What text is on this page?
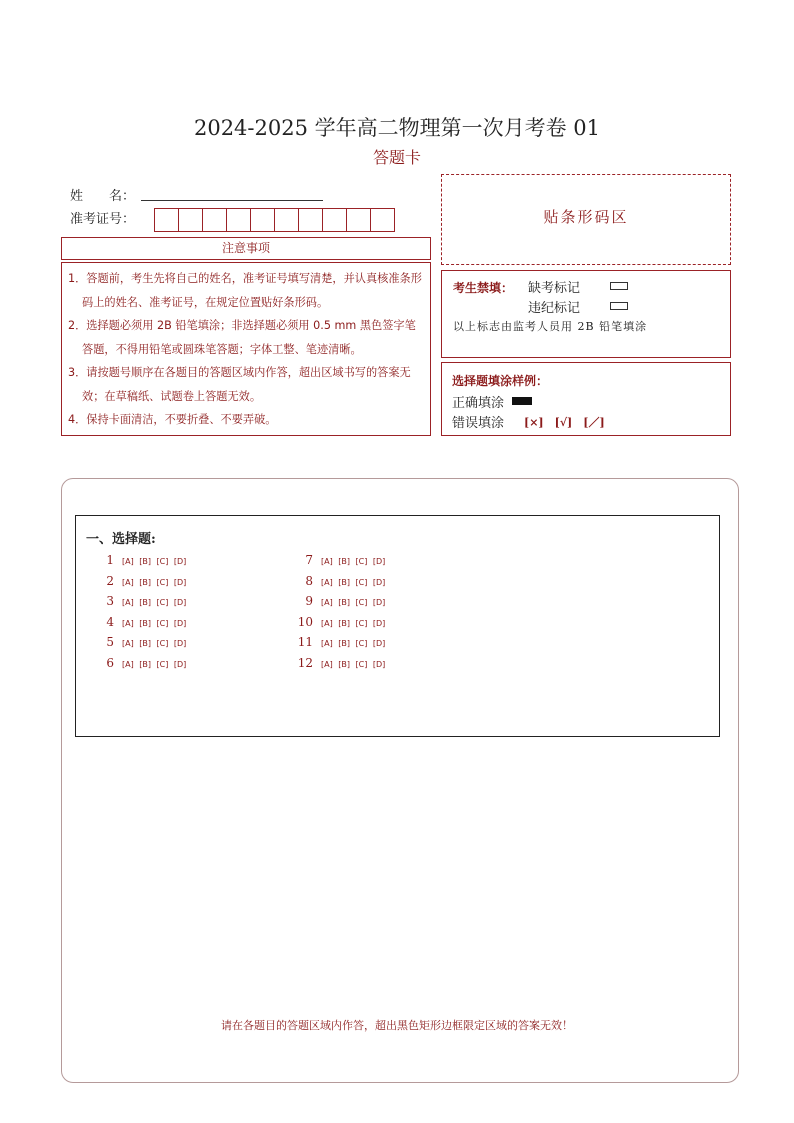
2024-2025 学年高二物理第一次月考卷 01
答题卡
姓　　名：
准考证号：
注意事项
1．答题前，考生先将自己的姓名，准考证号填写清楚，并认真核准条形码上的姓名、准考证号，在规定位置贴好条形码。
2．选择题必须用 2B 铅笔填涂；非选择题必须用 0.5 mm 黑色签字笔答题，不得用铅笔或圆珠笔答题；字体工整、笔迹清晰。
3．请按题号顺序在各题目的答题区域内作答，超出区域书写的答案无效；在草稿纸、试题卷上答题无效。
4．保持卡面清洁，不要折叠、不要弄破。
贴条形码区
考生禁填： 缺考标记
违纪标记
以上标志由监考人员用 2B 铅笔填涂
选择题填涂样例：
正确填涂
错误填涂 [×]　[√]　[／]
一、选择题:
1 [A] [B] [C] [D]
2 [A] [B] [C] [D]
3 [A] [B] [C] [D]
4 [A] [B] [C] [D]
5 [A] [B] [C] [D]
6 [A] [B] [C] [D]
7 [A] [B] [C] [D]
8 [A] [B] [C] [D]
9 [A] [B] [C] [D]
10 [A] [B] [C] [D]
11 [A] [B] [C] [D]
12 [A] [B] [C] [D]
请在各题目的答题区域内作答，超出黑色矩形边框限定区域的答案无效！
